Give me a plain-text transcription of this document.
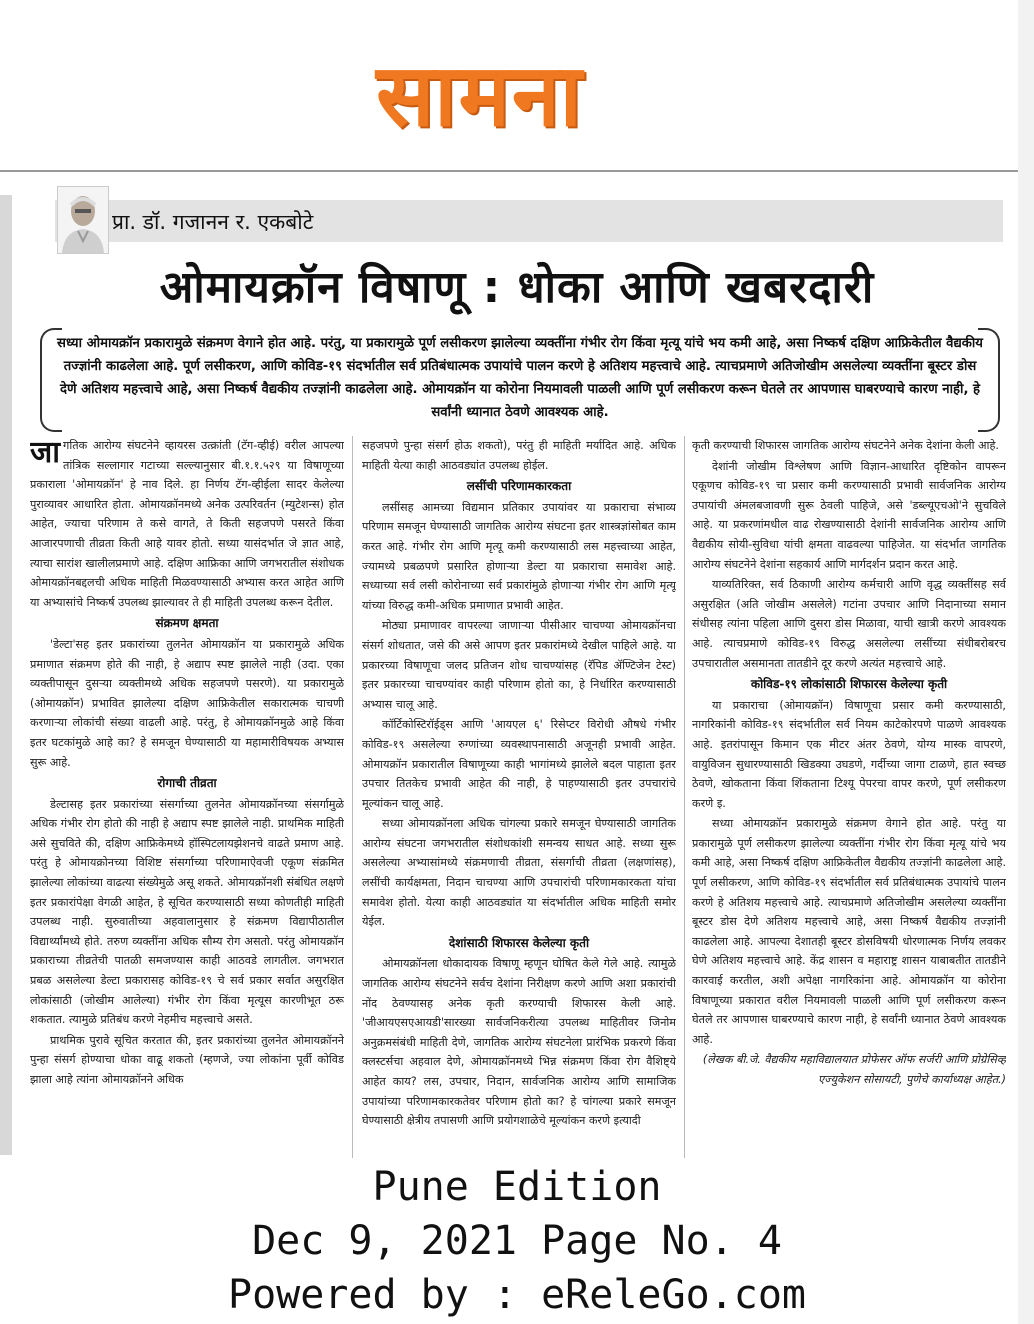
सामना
प्रा. डॉ. गजानन र. एकबोटे
ओमायक्रॉन विषाणू : धोका आणि खबरदारी
सध्या ओमायक्रॉन प्रकारामुळे संक्रमण वेगाने होत आहे. परंतु, या प्रकारामुळे पूर्ण लसीकरण झालेल्या व्यक्तींना गंभीर रोग किंवा मृत्यू यांचे भय कमी आहे, असा निष्कर्ष दक्षिण आफ्रिकेतील वैद्यकीय तज्ज्ञांनी काढलेला आहे. पूर्ण लसीकरण, आणि कोविड-१९ संदर्भातील सर्व प्रतिबंधात्मक उपायांचे पालन करणे हे अतिशय महत्त्वाचे आहे. त्याचप्रमाणे अतिजोखीम असलेल्या व्यक्तींना बूस्टर डोस देणे अतिशय महत्त्वाचे आहे, असा निष्कर्ष वैद्यकीय तज्ज्ञांनी काढलेला आहे. ओमायक्रॉन या कोरोना नियमावली पाळली आणि पूर्ण लसीकरण करून घेतले तर आपणास घाबरण्याचे कारण नाही, हे सर्वांनी ध्यानात ठेवणे आवश्यक आहे.

जागतिक आरोग्य संघटनेने व्हायरस उत्क्रांती (टॅग-व्हीई) वरील आपल्या तांत्रिक सल्लागार गटाच्या सल्ल्यानुसार बी.१.१.५२९ या विषाणूच्या प्रकाराला 'ओमायक्रॉन' हे नाव दिले. हा निर्णय टॅग-व्हीईला सादर केलेल्या पुराव्यावर आधारित होता. ओमायक्रॉनमध्ये अनेक उत्परिवर्तन (म्युटेशन्स) होत आहेत, ज्याचा परिणाम ते कसे वागते, ते किती सहजपणे पसरते किंवा आजारपणाची तीव्रता किती आहे यावर होतो. सध्या यासंदर्भात जे ज्ञात आहे, त्याचा सारांश खालीलप्रमाणे आहे. दक्षिण आफ्रिका आणि जगभरातील संशोधक ओमायक्रॉनबद्दलची अधिक माहिती मिळवण्यासाठी अभ्यास करत आहेत आणि या अभ्यासांचे निष्कर्ष उपलब्ध झाल्यावर ते ही माहिती उपलब्ध करून देतील.

संक्रमण क्षमता

'डेल्टा'सह इतर प्रकारांच्या तुलनेत ओमायक्रॉन या प्रकारामुळे अधिक प्रमाणात संक्रमण होते की नाही, हे अद्याप स्पष्ट झालेले नाही (उदा. एका व्यक्तीपासून दुसऱ्या व्यक्तीमध्ये अधिक सहजपणे पसरणे). या प्रकारामुळे (ओमायक्रॉन) प्रभावित झालेल्या दक्षिण आफ्रिकेतील सकारात्मक चाचणी करणाऱ्या लोकांची संख्या वाढली आहे. परंतु, हे ओमायक्रॉनमुळे आहे किंवा इतर घटकांमुळे आहे का? हे समजून घेण्यासाठी या महामारीविषयक अभ्यास सुरू आहे.

रोगाची तीव्रता

डेल्टासह इतर प्रकारांच्या संसर्गाच्या तुलनेत ओमायक्रॉनच्या संसर्गामुळे अधिक गंभीर रोग होतो की नाही हे अद्याप स्पष्ट झालेले नाही. प्राथमिक माहिती असे सुचविते की, दक्षिण आफ्रिकेमध्ये हॉस्पिटलायझेशनचे वाढते प्रमाण आहे. परंतु हे ओमायक्रोनच्या विशिष्ट संसर्गाच्या परिणामाऐवजी एकूण संक्रमित झालेल्या लोकांच्या वाढत्या संख्येमुळे असू शकते. ओमायक्रॉनशी संबंधित लक्षणे इतर प्रकारांपेक्षा वेगळी आहेत, हे सूचित करण्यासाठी सध्या कोणतीही माहिती उपलब्ध नाही. सुरुवातीच्या अहवालानुसार हे संक्रमण विद्यापीठातील विद्यार्थ्यांमध्ये होते. तरुण व्यक्तींना अधिक सौम्य रोग असतो. परंतु ओमायक्रॉन प्रकाराच्या तीव्रतेची पातळी समजण्यास काही आठवडे लागतील. जगभरात प्रबळ असलेल्या डेल्टा प्रकारासह कोविड-१९ चे सर्व प्रकार सर्वात असुरक्षित लोकांसाठी (जोखीम आलेल्या) गंभीर रोग किंवा मृत्यूस कारणीभूत ठरू शकतात. त्यामुळे प्रतिबंध करणे नेहमीच महत्त्वाचे असते.

प्राथमिक पुरावे सूचित करतात की, इतर प्रकारांच्या तुलनेत ओमायक्रॉनने पुन्हा संसर्ग होण्याचा धोका वाढू शकतो (म्हणजे, ज्या लोकांना पूर्वी कोविड झाला आहे त्यांना ओमायक्रॉनने अधिक

सहजपणे पुन्हा संसर्ग होऊ शकतो), परंतु ही माहिती मर्यादित आहे. अधिक माहिती येत्या काही आठवड्यांत उपलब्ध होईल.

लसींची परिणामकारकता

लसींसह आमच्या विद्यमान प्रतिकार उपायांवर या प्रकाराचा संभाव्य परिणाम समजून घेण्यासाठी जागतिक आरोग्य संघटना इतर शास्त्रज्ञांसोबत काम करत आहे. गंभीर रोग आणि मृत्यू कमी करण्यासाठी लस महत्त्वाच्या आहेत, ज्यामध्ये प्रबळपणे प्रसारित होणाऱ्या डेल्टा या प्रकाराचा समावेश आहे. सध्याच्या सर्व लसी कोरोनाच्या सर्व प्रकारांमुळे होणाऱ्या गंभीर रोग आणि मृत्यू यांच्या विरुद्ध कमी-अधिक प्रमाणात प्रभावी आहेत.

मोठ्या प्रमाणावर वापरल्या जाणाऱ्या पीसीआर चाचण्या ओमायक्रॉनचा संसर्ग शोधतात, जसे की असे आपण इतर प्रकारांमध्ये देखील पाहिले आहे. या प्रकारच्या विषाणूचा जलद प्रतिजन शोध चाचण्यांसह (रॅपिड ॲण्टिजेन टेस्ट) इतर प्रकारच्या चाचण्यांवर काही परिणाम होतो का, हे निर्धारित करण्यासाठी अभ्यास चालू आहे.

कॉर्टिकोस्टिरॉईड्स आणि 'आयएल ६' रिसेप्टर विरोधी औषधे गंभीर कोविड-१९ असलेल्या रुग्णांच्या व्यवस्थापनासाठी अजूनही प्रभावी आहेत. ओमायक्रॉन प्रकारातील विषाणूच्या काही भागांमध्ये झालेले बदल पाहाता इतर उपचार तितकेच प्रभावी आहेत की नाही, हे पाहण्यासाठी इतर उपचारांचे मूल्यांकन चालू आहे.

सध्या ओमायक्रॉनला अधिक चांगल्या प्रकारे समजून घेण्यासाठी जागतिक आरोग्य संघटना जगभरातील संशोधकांशी समन्वय साधत आहे. सध्या सुरू असलेल्या अभ्यासांमध्ये संक्रमणाची तीव्रता, संसर्गाची तीव्रता (लक्षणांसह), लसींची कार्यक्षमता, निदान चाचण्या आणि उपचारांची परिणामकारकता यांचा समावेश होतो. येत्या काही आठवड्यांत या संदर्भातील अधिक माहिती समोर येईल.

देशांसाठी शिफारस केलेल्या कृती

ओमायक्रॉनला धोकादायक विषाणू म्हणून घोषित केले गेले आहे. त्यामुळे जागतिक आरोग्य संघटनेने सर्वच देशांना निरीक्षण करणे आणि अशा प्रकारांची नोंद ठेवण्यासह अनेक कृती करण्याची शिफारस केली आहे. 'जीआयएसएआयडी'सारख्या सार्वजनिकरीत्या उपलब्ध माहितीवर जिनोम अनुक्रमसंबंधी माहिती देणे, जागतिक आरोग्य संघटनेला प्रारंभिक प्रकरणे किंवा क्लस्टर्सचा अहवाल देणे, ओमायक्रॉनमध्ये भिन्न संक्रमण किंवा रोग वैशिष्ट्ये आहेत काय? लस, उपचार, निदान, सार्वजनिक आरोग्य आणि सामाजिक उपायांच्या परिणामकारकतेवर परिणाम होतो का? हे चांगल्या प्रकारे समजून घेण्यासाठी क्षेत्रीय तपासणी आणि प्रयोगशाळेचे मूल्यांकन करणे इत्यादी

कृती करण्याची शिफारस जागतिक आरोग्य संघटनेने अनेक देशांना केली आहे.

देशांनी जोखीम विश्लेषण आणि विज्ञान-आधारित दृष्टिकोन वापरून एकूणच कोविड-१९ चा प्रसार कमी करण्यासाठी प्रभावी सार्वजनिक आरोग्य उपायांची अंमलबजावणी सुरू ठेवली पाहिजे, असे 'डब्ल्यूएचओ'ने सुचविले आहे. या प्रकरणांमधील वाढ रोखण्यासाठी देशांनी सार्वजनिक आरोग्य आणि वैद्यकीय सोयी-सुविधा यांची क्षमता वाढवल्या पाहिजेत. या संदर्भात जागतिक आरोग्य संघटनेने देशांना सहकार्य आणि मार्गदर्शन प्रदान करत आहे.

याव्यतिरिक्त, सर्व ठिकाणी आरोग्य कर्मचारी आणि वृद्ध व्यक्तींसह सर्व असुरक्षित (अति जोखीम असलेले) गटांना उपचार आणि निदानाच्या समान संधीसह त्यांना पहिला आणि दुसरा डोस मिळावा, याची खात्री करणे आवश्यक आहे. त्याचप्रमाणे कोविड-१९ विरुद्ध असलेल्या लसींच्या संधीबरोबरच उपचारातील असमानता तातडीने दूर करणे अत्यंत महत्त्वाचे आहे.

कोविड-१९ लोकांसाठी शिफारस केलेल्या कृती

या प्रकाराचा (ओमायक्रॉन) विषाणूचा प्रसार कमी करण्यासाठी, नागरिकांनी कोविड-१९ संदर्भातील सर्व नियम काटेकोरपणे पाळणे आवश्यक आहे. इतरांपासून किमान एक मीटर अंतर ठेवणे, योग्य मास्क वापरणे, वायुविजन सुधारण्यासाठी खिडक्या उघडणे, गर्दीच्या जागा टाळणे, हात स्वच्छ ठेवणे, खोकताना किंवा शिंकताना टिश्यू पेपरचा वापर करणे, पूर्ण लसीकरण करणे इ.

सध्या ओमायक्रॉन प्रकारामुळे संक्रमण वेगाने होत आहे. परंतु या प्रकारामुळे पूर्ण लसीकरण झालेल्या व्यक्तींना गंभीर रोग किंवा मृत्यू यांचे भय कमी आहे, असा निष्कर्ष दक्षिण आफ्रिकेतील वैद्यकीय तज्ज्ञांनी काढलेला आहे. पूर्ण लसीकरण, आणि कोविड-१९ संदर्भातील सर्व प्रतिबंधात्मक उपायांचे पालन करणे हे अतिशय महत्त्वाचे आहे. त्याचप्रमाणे अतिजोखीम असलेल्या व्यक्तींना बूस्टर डोस देणे अतिशय महत्त्वाचे आहे, असा निष्कर्ष वैद्यकीय तज्ज्ञांनी काढलेला आहे. आपल्या देशातही बूस्टर डोसविषयी धोरणात्मक निर्णय लवकर घेणे अतिशय महत्त्वाचे आहे. केंद्र शासन व महाराष्ट्र शासन याबाबतीत तातडीने कारवाई करतील, अशी अपेक्षा नागरिकांना आहे. ओमायक्रॉन या कोरोना विषाणूच्या प्रकारात वरील नियमावली पाळली आणि पूर्ण लसीकरण करून घेतले तर आपणास घाबरण्याचे कारण नाही, हे सर्वांनी ध्यानात ठेवणे आवश्यक आहे.

(लेखक बी.जे. वैद्यकीय महाविद्यालयात प्रोफेसर ऑफ सर्जरी आणि प्रोग्रेसिव्ह एज्युकेशन सोसायटी, पुणेचे कार्याध्यक्ष आहेत.)

Pune Edition
Dec 9, 2021 Page No. 4
Powered by : eReleGo.com
